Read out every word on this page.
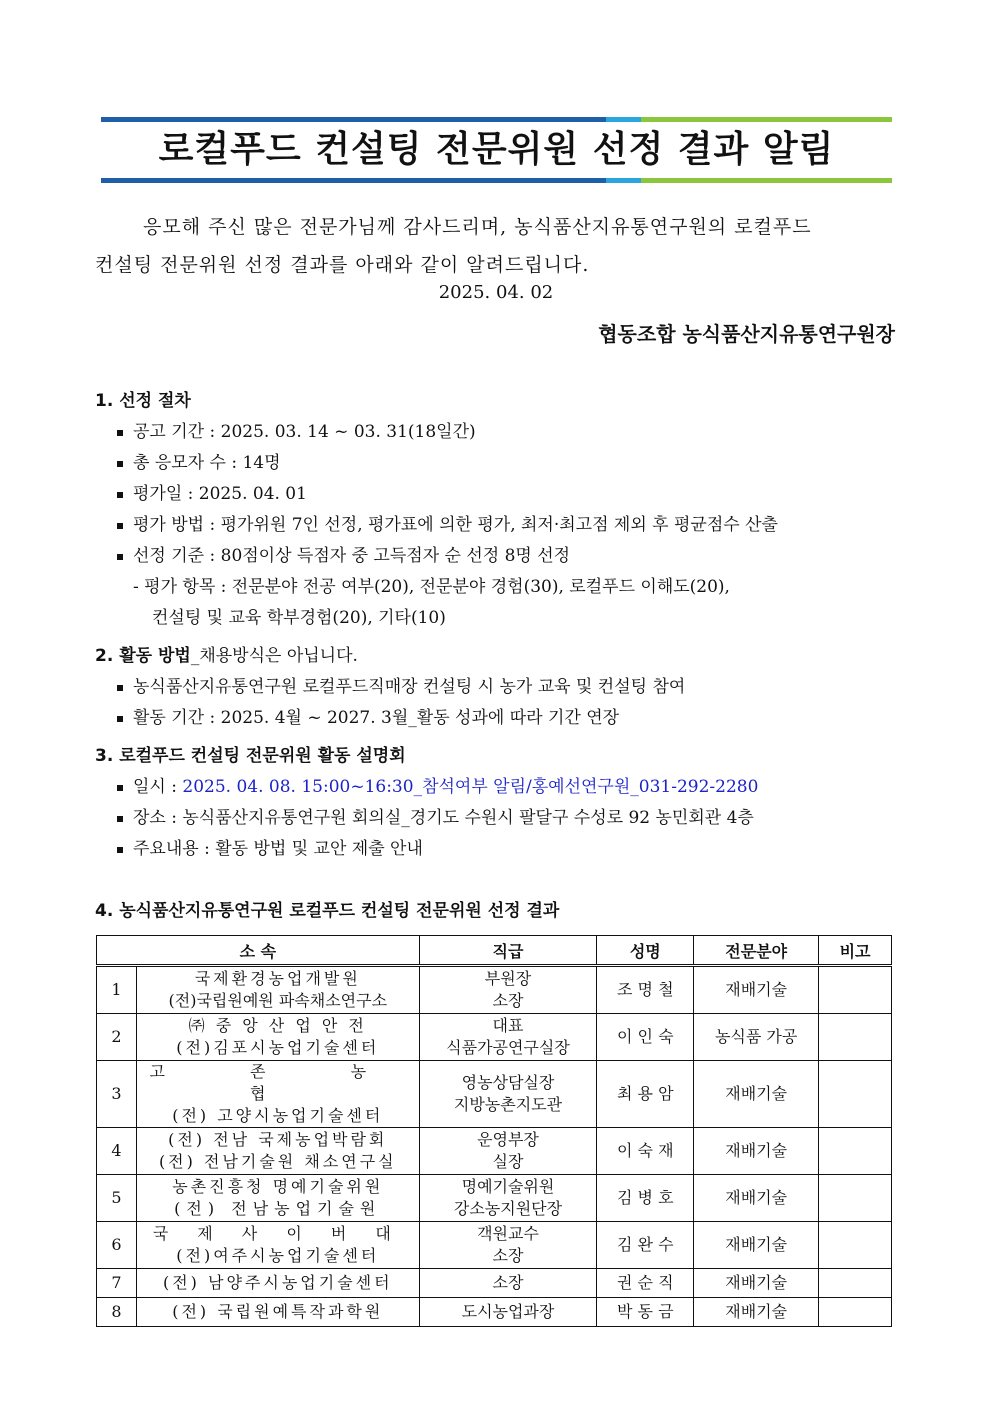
로컬푸드 컨설팅 전문위원 선정 결과 알림
응모해 주신 많은 전문가님께 감사드리며, 농식품산지유통연구원의 로컬푸드
컨설팅 전문위원 선정 결과를 아래와 같이 알려드립니다.
2025. 04. 02
협동조합 농식품산지유통연구원장
1. 선정 절차
공고 기간 : 2025. 03. 14 ~ 03. 31(18일간)
총 응모자 수 : 14명
평가일 : 2025. 04. 01
평가 방법 : 평가위원 7인 선정, 평가표에 의한 평가, 최저·최고점 제외 후 평균점수 산출
선정 기준 : 80점이상 득점자 중 고득점자 순 선정 8명 선정
- 평가 항목 : 전문분야 전공 여부(20), 전문분야 경험(30), 로컬푸드 이해도(20),
컨설팅 및 교육 학부경험(20), 기타(10)
2. 활동 방법_채용방식은 아닙니다.
농식품산지유통연구원 로컬푸드직매장 컨설팅 시 농가 교육 및 컨설팅 참여
활동 기간 : 2025. 4월 ~ 2027. 3월_활동 성과에 따라 기간 연장
3. 로컬푸드 컨설팅 전문위원 활동 설명회
일시 : 2025. 04. 08. 15:00~16:30_참석여부 알림/홍예선연구원_031-292-2280
장소 : 농식품산지유통연구원 회의실_경기도 수원시 팔달구 수성로 92 농민회관 4층
주요내용 : 활동 방법 및 교안 제출 안내
4. 농식품산지유통연구원 로컬푸드 컨설팅 전문위원 선정 결과
소 속		직급	성명	전문분야	비고
1	국제환경농업개발원
(전)국립원예원 파속채소연구소	부원장
소장	조 명 철	재배기술	
2	㈜ 중 앙 산 업 안 전
(전)김포시농업기술센터	대표
식품가공연구실장	이 인 숙	농식품 가공	
3	고 존 농 협
(전) 고양시농업기술센터	영농상담실장
지방농촌지도관	최 용 암	재배기술	
4	(전) 전남 국제농업박람회
(전) 전남기술원 채소연구실	운영부장
실장	이 숙 재	재배기술	
5	농촌진흥청 명예기술위원
(전) 전남농업기술원	명예기술위원
강소농지원단장	김 병 호	재배기술	
6	국 제 사 이 버 대
(전)여주시농업기술센터	객원교수
소장	김 완 수	재배기술	
7	(전) 남양주시농업기술센터	소장	권 순 직	재배기술	
8	(전) 국립원예특작과학원	도시농업과장	박 동 금	재배기술	
